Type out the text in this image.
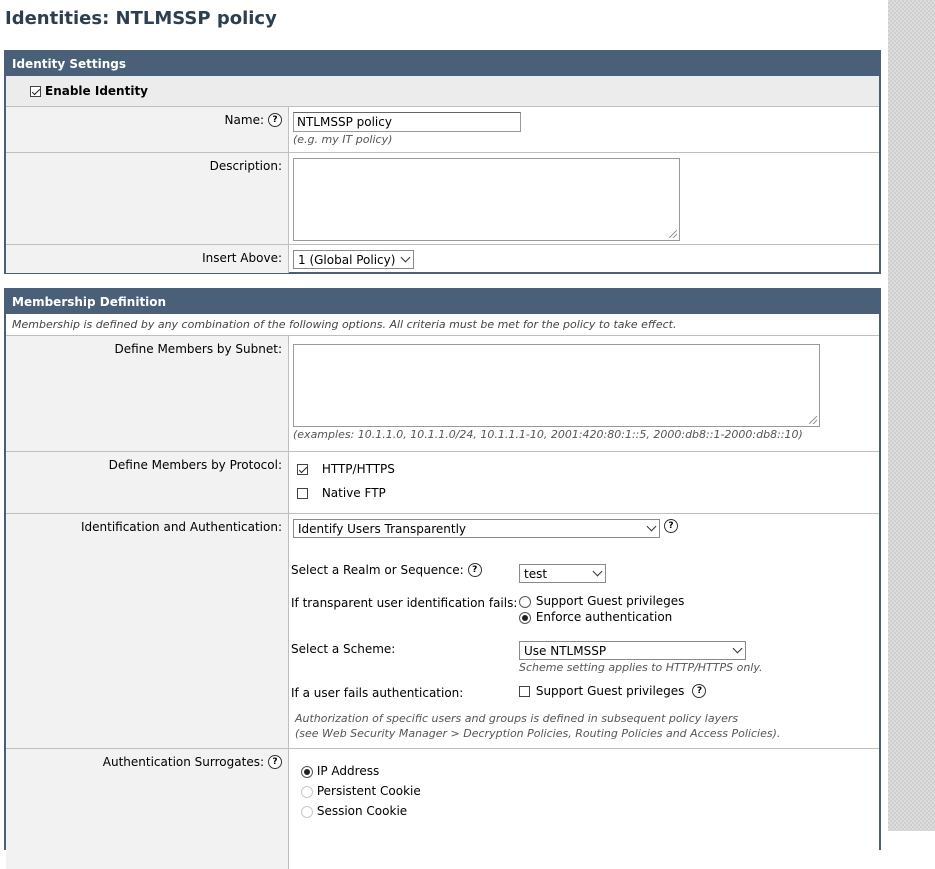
Identities: NTLMSSP policy
Identity Settings
Enable Identity
Name: ?
NTLMSSP policy
(e.g. my IT policy)
Description:
Insert Above:	1 (Global Policy)
Membership Definition
Membership is defined by any combination of the following options. All criteria must be met for the policy to take effect.
Define Members by Subnet:
(examples: 10.1.1.0, 10.1.1.0/24, 10.1.1.1-10, 2001:420:80:1::5, 2000:db8::1-2000:db8::10)
Define Members by Protocol:	HTTP/HTTPS
Native FTP
Identification and Authentication:	Identify Users Transparently	?
Select a Realm or Sequence: ?	test
If transparent user identification fails:	Support Guest privileges
Enforce authentication
Select a Scheme:	Use NTLMSSP
Scheme setting applies to HTTP/HTTPS only.
If a user fails authentication:	Support Guest privileges ?
Authorization of specific users and groups is defined in subsequent policy layers
(see Web Security Manager > Decryption Policies, Routing Policies and Access Policies).
Authentication Surrogates: ?
IP Address
Persistent Cookie
Session Cookie
